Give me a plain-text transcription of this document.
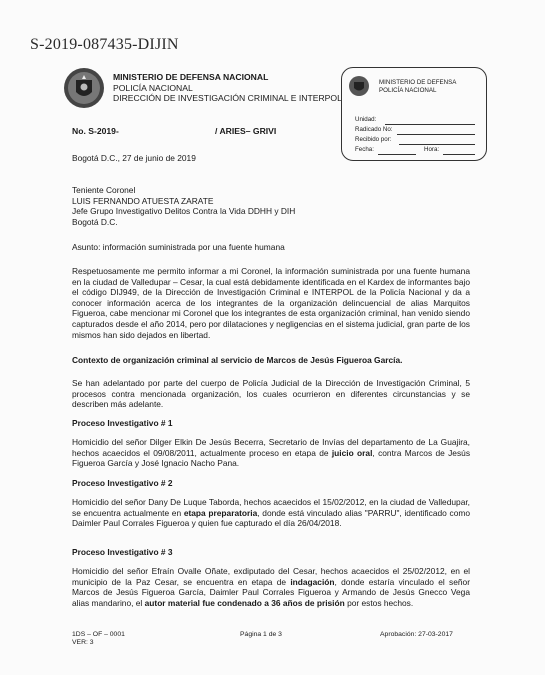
S-2019-087435-DIJIN
MINISTERIO DE DEFENSA NACIONAL
POLICÍA NACIONAL
DIRECCIÓN DE INVESTIGACIÓN CRIMINAL E INTERPOL
MINISTERIO DE DEFENSA
POLICÍA NACIONAL
Unidad:
Radicado No:
Recibido por:
Fecha:	Hora:
No. S-2019-	/ ARIES– GRIVI
Bogotá D.C., 27 de junio de 2019
Teniente Coronel
LUIS FERNANDO ATUESTA ZARATE
Jefe Grupo Investigativo Delitos Contra la Vida DDHH y DIH
Bogotá D.C.
Asunto: información suministrada por una fuente humana
Respetuosamente me permito informar a mi Coronel, la información suministrada por una fuente humana en la ciudad de Valledupar – Cesar, la cual está debidamente identificada en el Kardex de informantes bajo el código DIJ949, de la Dirección de Investigación Criminal e INTERPOL de la Policía Nacional y da a conocer información acerca de los integrantes de la organización delincuencial de alias Marquitos Figueroa, cabe mencionar mi Coronel que los integrantes de esta organización criminal, han venido siendo capturados desde el año 2014, pero por dilataciones y negligencias en el sistema judicial, gran parte de los mismos han sido dejados en libertad.
Contexto de organización criminal al servicio de Marcos de Jesús Figueroa García.
Se han adelantado por parte del cuerpo de Policía Judicial de la Dirección de Investigación Criminal, 5 procesos contra mencionada organización, los cuales ocurrieron en diferentes circunstancias y se describen más adelante.
Proceso Investigativo # 1
Homicidio del señor Dilger Elkin De Jesús Becerra, Secretario de Invías del departamento de La Guajira, hechos acaecidos el 09/08/2011, actualmente proceso en etapa de juicio oral, contra Marcos de Jesús Figueroa García y José Ignacio Nacho Pana.
Proceso Investigativo # 2
Homicidio del señor Dany De Luque Taborda, hechos acaecidos el 15/02/2012, en la ciudad de Valledupar, se encuentra actualmente en etapa preparatoria, donde está vinculado alias "PARRU", identificado como Daimler Paul Corrales Figueroa y quien fue capturado el día 26/04/2018.
Proceso Investigativo # 3
Homicidio del señor Efraín Ovalle Oñate, exdiputado del Cesar, hechos acaecidos el 25/02/2012, en el municipio de la Paz Cesar, se encuentra en etapa de indagación, donde estaría vinculado el señor Marcos de Jesús Figueroa García, Daimler Paul Corrales Figueroa y Armando de Jesús Gnecco Vega alias mandarino, el autor material fue condenado a 36 años de prisión por estos hechos.
1DS – OF – 0001
VER: 3
Página 1 de 3	Aprobación: 27-03-2017
